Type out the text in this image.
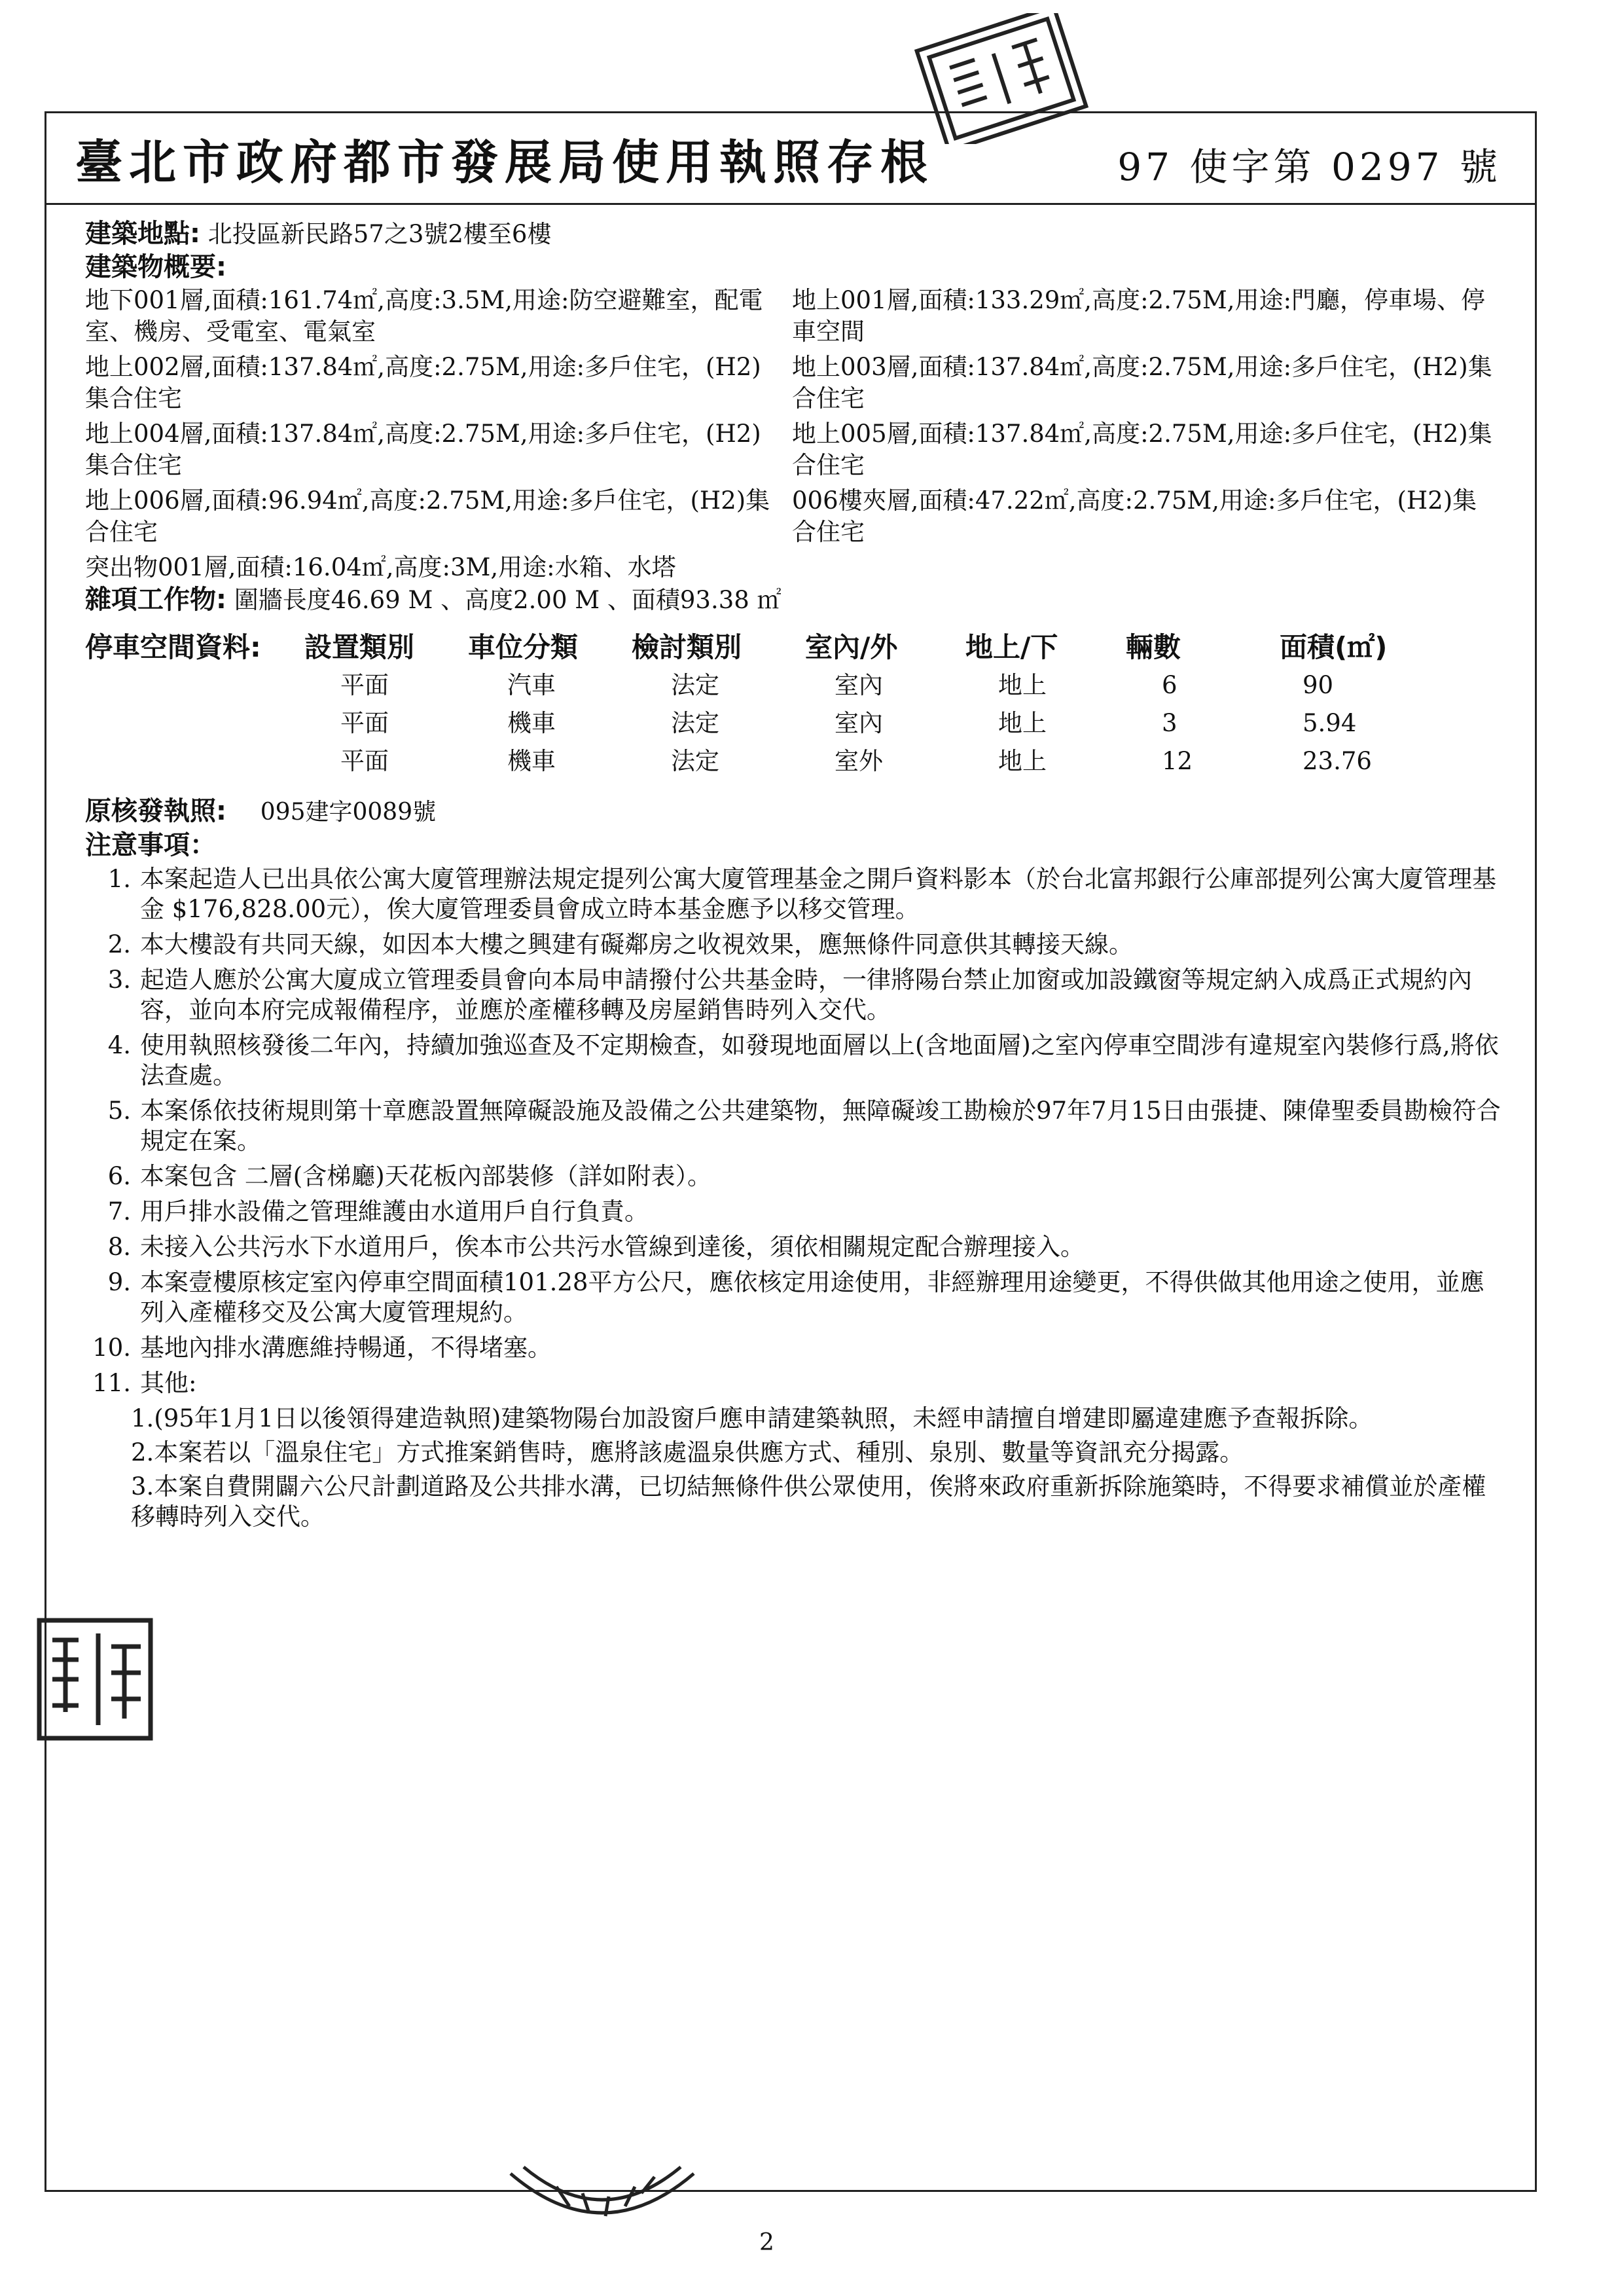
臺北市政府都市發展局使用執照存根	97 使字第 0297 號
建築地點: 北投區新民路57之3號2樓至6樓
建築物概要:
地下001層,面積:161.74㎡,高度:3.5M,用途:防空避難室，配電室、機房、受電室、電氣室
地上001層,面積:133.29㎡,高度:2.75M,用途:門廳，停車場、停車空間
地上002層,面積:137.84㎡,高度:2.75M,用途:多戶住宅，(H2)集合住宅
地上003層,面積:137.84㎡,高度:2.75M,用途:多戶住宅，(H2)集合住宅
地上004層,面積:137.84㎡,高度:2.75M,用途:多戶住宅，(H2)集合住宅
地上005層,面積:137.84㎡,高度:2.75M,用途:多戶住宅，(H2)集合住宅
地上006層,面積:96.94㎡,高度:2.75M,用途:多戶住宅，(H2)集合住宅
006樓夾層,面積:47.22㎡,高度:2.75M,用途:多戶住宅，(H2)集合住宅
突出物001層,面積:16.04㎡,高度:3M,用途:水箱、水塔
雜項工作物: 圍牆長度46.69 M 、高度2.00 M 、面積93.38 ㎡
停車空間資料:	設置類別	車位分類	檢討類別	室內/外	地上/下	輛數	面積(㎡)
平面	汽車	法定	室內	地上	6	90
平面	機車	法定	室內	地上	3	5.94
平面	機車	法定	室外	地上	12	23.76
原核發執照: 095建字0089號
注意事項：
1. 本案起造人已出具依公寓大廈管理辦法規定提列公寓大廈管理基金之開戶資料影本（於台北富邦銀行公庫部提列公寓大廈管理基金 $176,828.00元），俟大廈管理委員會成立時本基金應予以移交管理。
2. 本大樓設有共同天線，如因本大樓之興建有礙鄰房之收視效果，應無條件同意供其轉接天線。
3. 起造人應於公寓大廈成立管理委員會向本局申請撥付公共基金時，一律將陽台禁止加窗或加設鐵窗等規定納入成爲正式規約內容，並向本府完成報備程序，並應於產權移轉及房屋銷售時列入交代。
4. 使用執照核發後二年內，持續加強巡查及不定期檢查，如發現地面層以上(含地面層)之室內停車空間涉有違規室內裝修行爲,將依法查處。
5. 本案係依技術規則第十章應設置無障礙設施及設備之公共建築物，無障礙竣工勘檢於97年7月15日由張捷、陳偉聖委員勘檢符合規定在案。
6. 本案包含 二層(含梯廳)天花板內部裝修（詳如附表）。
7. 用戶排水設備之管理維護由水道用戶自行負責。
8. 未接入公共污水下水道用戶，俟本市公共污水管線到達後，須依相關規定配合辦理接入。
9. 本案壹樓原核定室內停車空間面積101.28平方公尺，應依核定用途使用，非經辦理用途變更，不得供做其他用途之使用，並應列入產權移交及公寓大廈管理規約。
10. 基地內排水溝應維持暢通，不得堵塞。
11. 其他:
1.(95年1月1日以後領得建造執照)建築物陽台加設窗戶應申請建築執照，未經申請擅自增建即屬違建應予查報拆除。
2.本案若以「溫泉住宅」方式推案銷售時，應將該處溫泉供應方式、種別、泉別、數量等資訊充分揭露。
3.本案自費開闢六公尺計劃道路及公共排水溝，已切結無條件供公眾使用，俟將來政府重新拆除施築時，不得要求補償並於產權移轉時列入交代。
2
